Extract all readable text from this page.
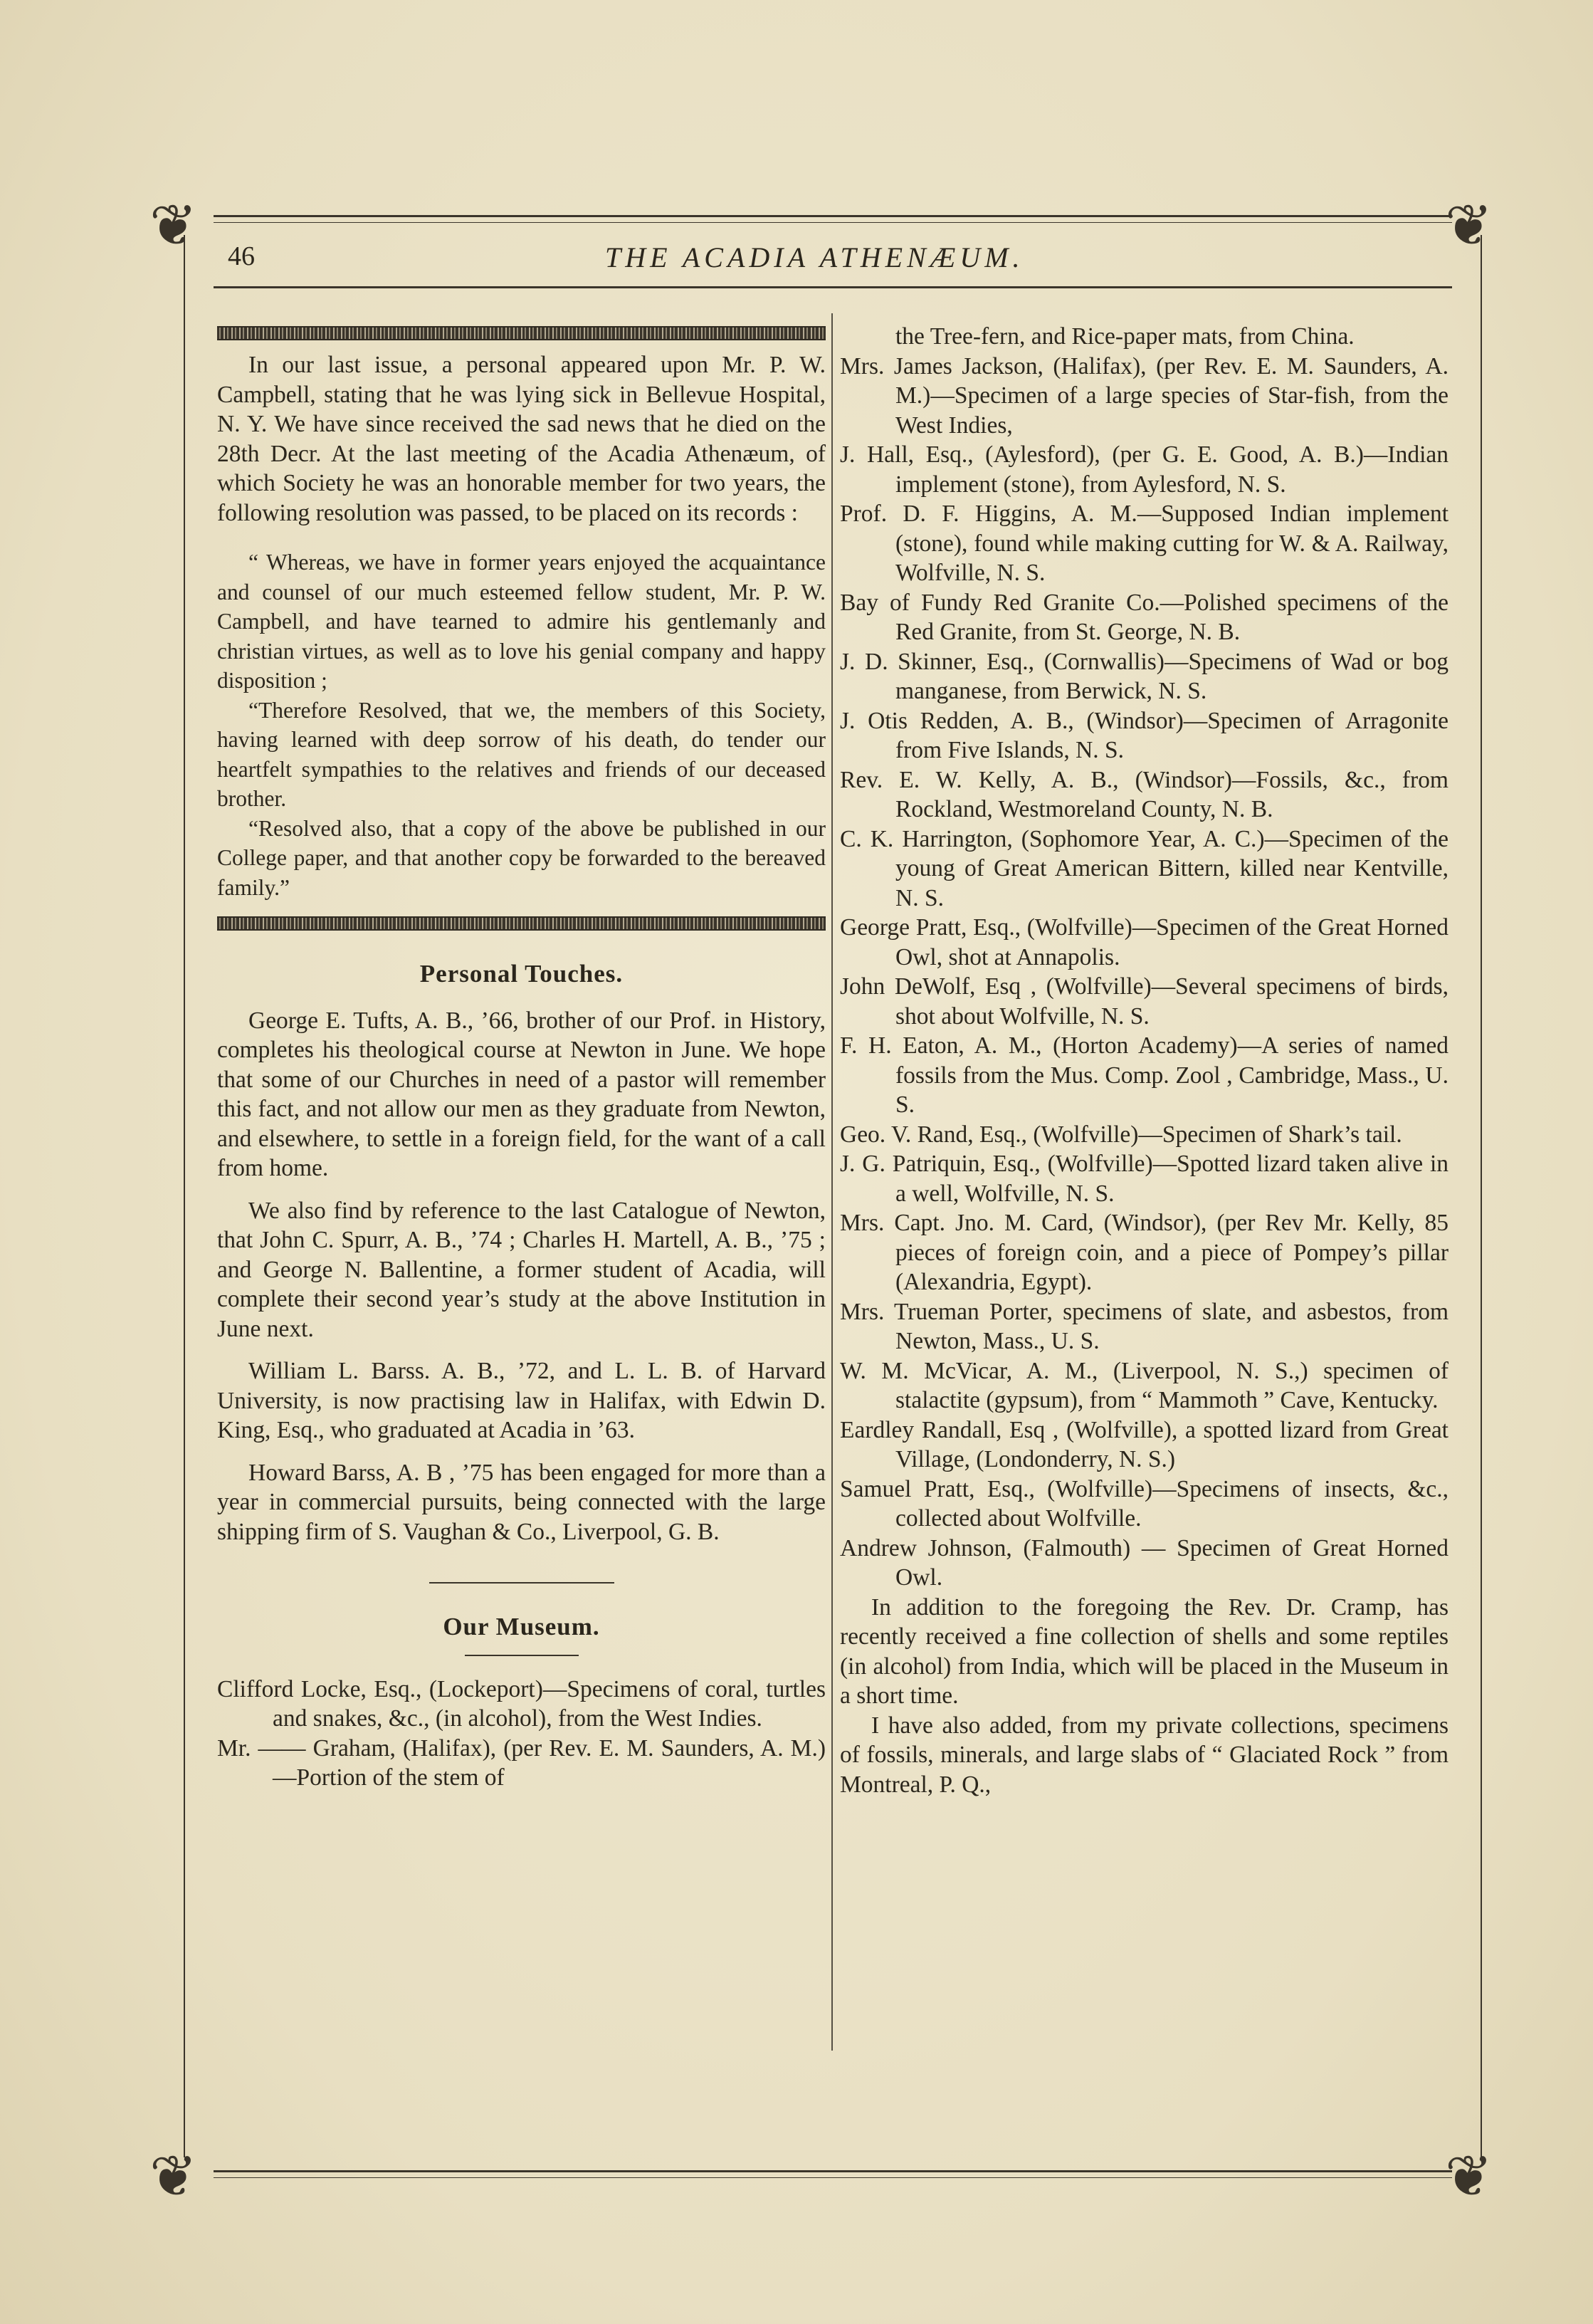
❦	❦
❦	❦
46	THE ACADIA ATHENÆUM.

In our last issue, a personal appeared upon Mr. P. W. Campbell, stating that he was lying sick in Bellevue Hospital, N. Y. We have since received the sad news that he died on the 28th Decr. At the last meeting of the Acadia Athenæum, of which Society he was an honorable member for two years, the following resolution was passed, to be placed on its records :

“ Whereas, we have in former years enjoyed the acquaintance and counsel of our much esteemed fellow student, Mr. P. W. Campbell, and have tearned to admire his gentlemanly and christian virtues, as well as to love his genial company and happy disposition ;

“Therefore Resolved, that we, the members of this Society, having learned with deep sorrow of his death, do tender our heartfelt sympathies to the relatives and friends of our deceased brother.

“Resolved also, that a copy of the above be published in our College paper, and that another copy be forwarded to the bereaved family.”

Personal Touches.

George E. Tufts, A. B., ’66, brother of our Prof. in History, completes his theological course at Newton in June. We hope that some of our Churches in need of a pastor will remember this fact, and not allow our men as they graduate from Newton, and elsewhere, to settle in a foreign field, for the want of a call from home.

We also find by reference to the last Catalogue of Newton, that John C. Spurr, A. B., ’74 ; Charles H. Martell, A. B., ’75 ; and George N. Ballentine, a former student of Acadia, will complete their second year’s study at the above Institution in June next.

William L. Barss. A. B., ’72, and L. L. B. of Harvard University, is now practising law in Halifax, with Edwin D. King, Esq., who graduated at Acadia in ’63.

Howard Barss, A. B , ’75 has been engaged for more than a year in commercial pursuits, being connected with the large shipping firm of S. Vaughan & Co., Liverpool, G. B.

Our Museum.

Clifford Locke, Esq., (Lockeport)—Specimens of coral, turtles and snakes, &c., (in alcohol), from the West Indies.

Mr. —— Graham, (Halifax), (per Rev. E. M. Saunders, A. M.)—Portion of the stem of

the Tree-fern, and Rice-paper mats, from China.

Mrs. James Jackson, (Halifax), (per Rev. E. M. Saunders, A. M.)—Specimen of a large species of Star-fish, from the West Indies,

J. Hall, Esq., (Aylesford), (per G. E. Good, A. B.)—Indian implement (stone), from Aylesford, N. S.

Prof. D. F. Higgins, A. M.—Supposed Indian implement (stone), found while making cutting for W. & A. Railway, Wolfville, N. S.

Bay of Fundy Red Granite Co.—Polished specimens of the Red Granite, from St. George, N. B.

J. D. Skinner, Esq., (Cornwallis)—Specimens of Wad or bog manganese, from Berwick, N. S.

J. Otis Redden, A. B., (Windsor)—Specimen of Arragonite from Five Islands, N. S.

Rev. E. W. Kelly, A. B., (Windsor)—Fossils, &c., from Rockland, Westmoreland County, N. B.

C. K. Harrington, (Sophomore Year, A. C.)—Specimen of the young of Great American Bittern, killed near Kentville, N. S.

George Pratt, Esq., (Wolfville)—Specimen of the Great Horned Owl, shot at Annapolis.

John DeWolf, Esq , (Wolfville)—Several specimens of birds, shot about Wolfville, N. S.

F. H. Eaton, A. M., (Horton Academy)—A series of named fossils from the Mus. Comp. Zool , Cambridge, Mass., U. S.

Geo. V. Rand, Esq., (Wolfville)—Specimen of Shark’s tail.

J. G. Patriquin, Esq., (Wolfville)—Spotted lizard taken alive in a well, Wolfville, N. S.

Mrs. Capt. Jno. M. Card, (Windsor), (per Rev Mr. Kelly, 85 pieces of foreign coin, and a piece of Pompey’s pillar (Alexandria, Egypt).

Mrs. Trueman Porter, specimens of slate, and asbestos, from Newton, Mass., U. S.

W. M. McVicar, A. M., (Liverpool, N. S.,) specimen of stalactite (gypsum), from “ Mammoth ” Cave, Kentucky.

Eardley Randall, Esq , (Wolfville), a spotted lizard from Great Village, (Londonderry, N. S.)

Samuel Pratt, Esq., (Wolfville)—Specimens of insects, &c., collected about Wolfville.

Andrew Johnson, (Falmouth) — Specimen of Great Horned Owl.

In addition to the foregoing the Rev. Dr. Cramp, has recently received a fine collection of shells and some reptiles (in alcohol) from India, which will be placed in the Museum in a short time.

I have also added, from my private collections, specimens of fossils, minerals, and large slabs of “ Glaciated Rock ” from Montreal, P. Q.,
